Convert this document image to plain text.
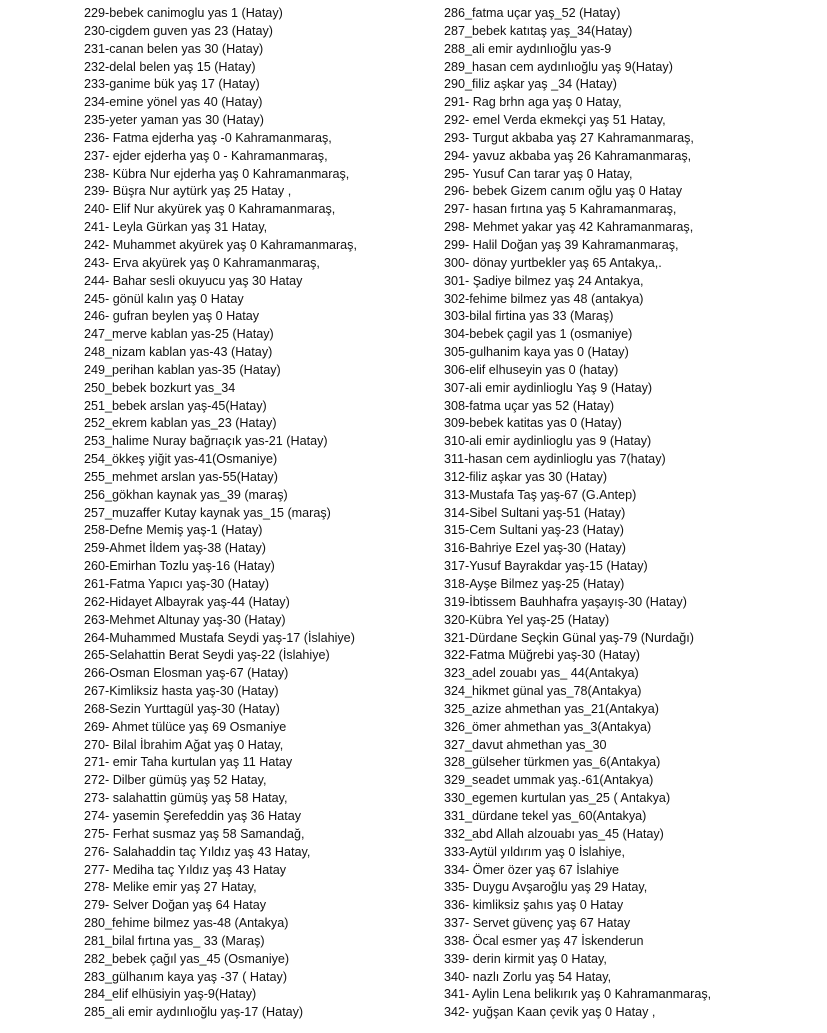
229-bebek canimoglu yas 1 (Hatay)
230-cigdem guven yas 23 (Hatay)
231-canan belen yas 30 (Hatay)
232-delal belen yaş 15 (Hatay)
233-ganime bük yaş 17 (Hatay)
234-emine yönel yas 40 (Hatay)
235-yeter yaman yas 30 (Hatay)
236- Fatma ejderha yaş -0 Kahramanmaraş,
237- ejder ejderha yaş 0 - Kahramanmaraş,
238- Kübra Nur ejderha yaş 0 Kahramanmaraş,
239- Büşra Nur aytürk yaş 25 Hatay ,
240- Elif Nur akyürek yaş 0 Kahramanmaraş,
241- Leyla Gürkan yaş 31 Hatay,
242- Muhammet akyürek yaş 0 Kahramanmaraş,
243- Erva akyürek yaş 0 Kahramanmaraş,
244- Bahar sesli okuyucu yaş 30 Hatay
245- gönül kalın yaş 0 Hatay
246- gufran beylen yaş 0 Hatay
247_merve kablan yas-25 (Hatay)
248_nizam kablan yas-43 (Hatay)
249_perihan kablan yas-35 (Hatay)
250_bebek bozkurt yas_34
251_bebek arslan yaş-45(Hatay)
252_ekrem kablan yas_23 (Hatay)
253_halime Nuray bağrıaçık yas-21 (Hatay)
254_ökkeş yiğit yas-41(Osmaniye)
255_mehmet arslan yas-55(Hatay)
256_gökhan kaynak yas_39 (maraş)
257_muzaffer Kutay kaynak yas_15 (maraş)
258-Defne Memiş yaş-1 (Hatay)
259-Ahmet İldem yaş-38 (Hatay)
260-Emirhan Tozlu yaş-16 (Hatay)
261-Fatma Yapıcı yaş-30 (Hatay)
262-Hidayet Albayrak yaş-44 (Hatay)
263-Mehmet Altunay yaş-30 (Hatay)
264-Muhammed Mustafa Seydi yaş-17 (İslahiye)
265-Selahattin Berat Seydi yaş-22 (İslahiye)
266-Osman Elosman yaş-67 (Hatay)
267-Kimliksiz hasta yaş-30 (Hatay)
268-Sezin Yurttagül yaş-30 (Hatay)
269- Ahmet tülüce yaş 69 Osmaniye
270- Bilal İbrahim Ağat yaş 0 Hatay,
271- emir Taha kurtulan yaş 11 Hatay
272- Dilber gümüş yaş 52 Hatay,
273- salahattin gümüş yaş 58 Hatay,
274- yasemin Şerefeddin yaş 36 Hatay
275- Ferhat susmaz yaş 58 Samandağ,
276- Salahaddin taç Yıldız yaş 43 Hatay,
277- Mediha taç Yıldız yaş 43 Hatay
278- Melike emir yaş 27 Hatay,
279- Selver Doğan yaş 64 Hatay
280_fehime bilmez yas-48 (Antakya)
281_bilal fırtına yas_ 33 (Maraş)
282_bebek çağıl yas_45 (Osmaniye)
283_gülhanım kaya yaş -37 ( Hatay)
284_elif elhüsiyin yaş-9(Hatay)
285_ali emir aydınlıoğlu yaş-17 (Hatay)
286_fatma uçar yaş_52 (Hatay)
287_bebek katıtaş yaş_34(Hatay)
288_ali emir aydınlıoğlu yas-9
289_hasan cem aydınlıoğlu yaş 9(Hatay)
290_filiz aşkar yaş _34 (Hatay)
291- Rag brhn aga yaş 0 Hatay,
292- emel Verda ekmekçi yaş 51 Hatay,
293- Turgut akbaba yaş 27 Kahramanmaraş,
294- yavuz akbaba yaş 26 Kahramanmaraş,
295- Yusuf Can tarar yaş 0 Hatay,
296- bebek Gizem canım oğlu yaş 0 Hatay
297- hasan fırtına yaş 5 Kahramanmaraş,
298- Mehmet yakar yaş 42 Kahramanmaraş,
299- Halil Doğan yaş 39 Kahramanmaraş,
300- dönay yurtbekler yaş 65 Antakya,.
301- Şadiye bilmez yaş 24 Antakya,
302-fehime bilmez yas 48 (antakya)
303-bilal firtina yas 33 (Maraş)
304-bebek çagil yas 1 (osmaniye)
305-gulhanim kaya yas 0 (Hatay)
306-elif elhuseyin yas 0 (hatay)
307-ali emir aydinlioglu Yaş 9 (Hatay)
308-fatma uçar yas 52 (Hatay)
309-bebek katitas yas 0 (Hatay)
310-ali emir aydinlioglu yas 9 (Hatay)
311-hasan cem aydinlioglu yas 7(hatay)
312-filiz aşkar yas 30 (Hatay)
313-Mustafa Taş yaş-67 (G.Antep)
314-Sibel Sultani yaş-51 (Hatay)
315-Cem Sultani yaş-23 (Hatay)
316-Bahriye Ezel yaş-30 (Hatay)
317-Yusuf Bayrakdar yaş-15 (Hatay)
318-Ayşe Bilmez yaş-25 (Hatay)
319-İbtissem Bauhhafra yaşayış-30 (Hatay)
320-Kübra Yel yaş-25 (Hatay)
321-Dürdane Seçkin Günal yaş-79 (Nurdağı)
322-Fatma Müğrebi yaş-30 (Hatay)
323_adel zouabı yas_ 44(Antakya)
324_hikmet günal yas_78(Antakya)
325_azize ahmethan yas_21(Antakya)
326_ömer ahmethan yas_3(Antakya)
327_davut ahmethan yas_30
328_gülseher türkmen yas_6(Antakya)
329_seadet ummak yaş.-61(Antakya)
330_egemen kurtulan yas_25 ( Antakya)
331_dürdane tekel yas_60(Antakya)
332_abd Allah alzouabı yas_45 (Hatay)
333-Aytül yıldırım yaş 0 İslahiye,
334- Ömer özer yaş 67 İslahiye
335- Duygu Avşaroğlu yaş 29 Hatay,
336- kimliksiz şahıs yaş 0 Hatay
337- Servet güvenç yaş 67 Hatay
338- Öcal esmer yaş 47 İskenderun
339- derin kirmit yaş 0 Hatay,
340- nazlı Zorlu yaş 54 Hatay,
341- Aylin Lena belikırık yaş 0 Kahramanmaraş,
342- yuğşan Kaan çevik yaş 0 Hatay ,
